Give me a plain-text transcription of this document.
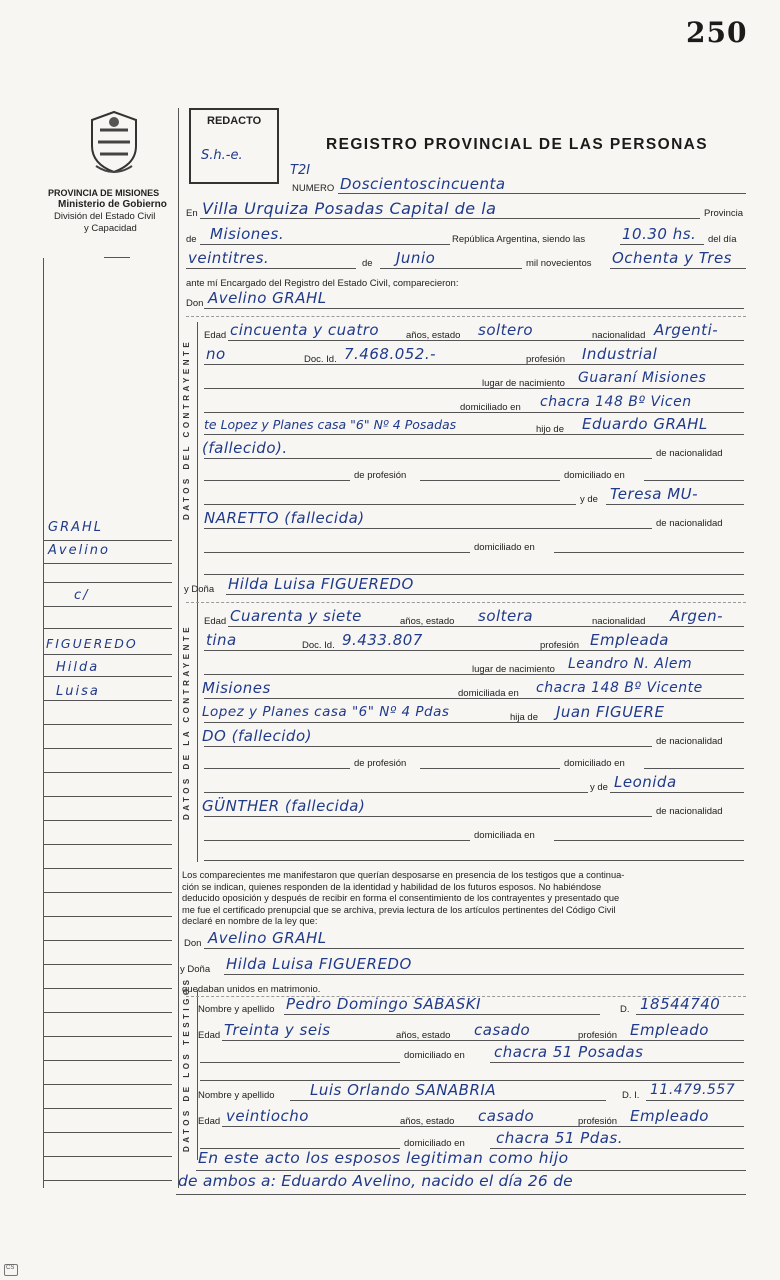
250
REDACTO
S.h.-e.
REGISTRO PROVINCIAL DE LAS PERSONAS
PROVINCIA DE MISIONES
Ministerio de Gobierno
División del Estado Civil
y Capacidad
GRAHL
Avelino
c/
FIGUEREDO
Hilda
Luisa
T2I
NUMERO Doscientoscincuenta
En Villa Urquiza Posadas Capital de la	Provincia
de Misiones.	República Argentina, siendo las 10.30 hs. del día
veintitres.	de Junio	mil novecientos Ochenta y Tres
ante mí Encargado del Registro del Estado Civil, comparecieron:
Don Avelino GRAHL
DATOS DEL CONTRAYENTE
Edad cincuenta y cuatro	años, estado soltero	nacionalidad Argenti-
no	Doc. Id. 7.468.052.-	profesión Industrial
lugar de nacimiento Guaraní Misiones
domiciliado en chacra 148 Bº Vicen
te Lopez y Planes casa "6" Nº 4 Posadas	hijo de Eduardo GRAHL
(fallecido).	de nacionalidad
de profesión	domiciliado en
y de Teresa MU-
NARETTO (fallecida)	de nacionalidad
domiciliado en
y Doña Hilda Luisa FIGUEREDO
DATOS DE LA CONTRAYENTE
Edad Cuarenta y siete	años, estado soltera	nacionalidad Argen-
tina	Doc. Id. 9.433.807	profesión Empleada
lugar de nacimiento Leandro N. Alem
Misiones	domiciliada en chacra 148 Bº Vicente
Lopez y Planes casa "6" Nº 4 Pdas	hija de Juan FIGUERE
DO (fallecido)	de nacionalidad
de profesión	domiciliado en
y de Leonida
GÜNTHER (fallecida)	de nacionalidad
domiciliada en
Los comparecientes me manifestaron que querían desposarse en presencia de los testigos que a continua-
ción se indican, quienes responden de la identidad y habilidad de los futuros esposos. No habiéndose
deducido oposición y después de recibir en forma el consentimiento de los contrayentes y presentado que
me fue el certificado prenupcial que se archiva, previa lectura de los artículos pertinentes del Código Civil
declaré en nombre de la ley que:
Don Avelino GRAHL
y Doña Hilda Luisa FIGUEREDO
quedaban unidos en matrimonio.
DATOS DE LOS TESTIGOS Nombre y apellido Pedro Domingo SABASKI	D. 18544740
Edad Treinta y seis	años, estado casado	profesión Empleado
domiciliado en chacra 51 Posadas
Nombre y apellido Luis Orlando SANABRIA	D. I. 11.479.557
Edad veintiocho	años, estado casado	profesión Empleado
domiciliado en chacra 51 Pdas.
En este acto los esposos legitiman como hijo
de ambos a: Eduardo Avelino, nacido el día 26 de
CS
